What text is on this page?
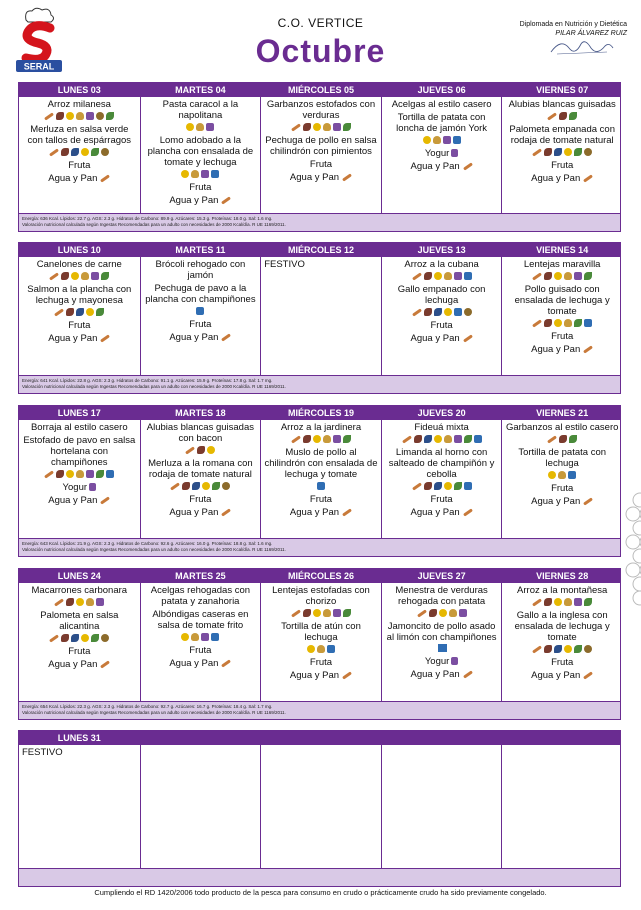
SERAL
C.O. VERTICE
Octubre
Diplomada en Nutrición y Dietética
PILAR ÁLVAREZ RUIZ
LUNES 03
Arroz milanesa
Merluza en salsa verde con tallos de espárragos
Fruta
Agua y Pan
MARTES 04
Pasta caracol a la napolitana
Lomo adobado a la plancha con ensalada de tomate y lechuga
Fruta
Agua y Pan
MIÉRCOLES 05
Garbanzos estofados con verduras
Pechuga de pollo en salsa chilindrón con pimientos
Fruta
Agua y Pan
JUEVES 06
Acelgas al estilo casero
Tortilla de patata con loncha de jamón York
Yogur
Agua y Pan
VIERNES 07
Alubias blancas guisadas
Palometa empanada con rodaja de tomate natural
Fruta
Agua y Pan
Energía: 636 Kcal. Lípidos: 22.7 g. AGS: 2.3 g. Hidratos de Carbono: 89.9 g. Azúcares: 15.3 g. Proteínas: 18.0 g. Sal: 1.6 mg.
Valoración nutricional calculada según Ingestas Recomendadas para un adulto con necesidades de 2000 Kcal/día. R UE 1169/2011.
LUNES 10
Canelones de carne
Salmon a la plancha con lechuga y mayonesa
Fruta
Agua y Pan
MARTES 11
Brócoli rehogado con jamón
Pechuga de pavo a la plancha con champiñones
Fruta
Agua y Pan
MIÉRCOLES 12
FESTIVO
JUEVES 13
Arroz a la cubana
Gallo empanado con lechuga
Fruta
Agua y Pan
VIERNES 14
Lentejas maravilla
Pollo guisado con ensalada de lechuga y tomate
Fruta
Agua y Pan
Energía: 641 Kcal. Lípidos: 22.8 g. AGS: 2.3 g. Hidratos de Carbono: 91.1 g. Azúcares: 15.9 g. Proteínas: 17.8 g. Sal: 1.7 mg.
Valoración nutricional calculada según Ingestas Recomendadas para un adulto con necesidades de 2000 Kcal/día. R UE 1169/2011.
LUNES 17
Borraja al estilo casero
Estofado de pavo en salsa hortelana con champiñones
Yogur
Agua y Pan
MARTES 18
Alubias blancas guisadas con bacon
Merluza a la romana con rodaja de tomate natural
Fruta
Agua y Pan
MIÉRCOLES 19
Arroz a la jardinera
Muslo de pollo al chilindrón con ensalada de lechuga y tomate
Fruta
Agua y Pan
JUEVES 20
Fideuá mixta
Limanda al horno con salteado de champiñón y cebolla
Fruta
Agua y Pan
VIERNES 21
Garbanzos al estilo casero
Tortilla de patata con lechuga
Fruta
Agua y Pan
Energía: 643 Kcal. Lípidos: 21.9 g. AGS: 2.3 g. Hidratos de Carbono: 92.6 g. Azúcares: 16.0 g. Proteínas: 18.8 g. Sal: 1.6 mg.
Valoración nutricional calculada según Ingestas Recomendadas para un adulto con necesidades de 2000 Kcal/día. R UE 1169/2011.
LUNES 24
Macarrones carbonara
Palometa en salsa alicantina
Fruta
Agua y Pan
MARTES 25
Acelgas rehogadas con patata y zanahoria
Albóndigas caseras en salsa de tomate frito
Fruta
Agua y Pan
MIÉRCOLES 26
Lentejas estofadas con chorizo
Tortilla de atún con lechuga
Fruta
Agua y Pan
JUEVES 27
Menestra de verduras rehogada con patata
Jamoncito de pollo asado al limón con champiñones
Yogur
Agua y Pan
VIERNES 28
Arroz a la montañesa
Gallo a la inglesa con ensalada de lechuga y tomate
Fruta
Agua y Pan
Energía: 654 Kcal. Lípidos: 22.3 g. AGS: 2.3 g. Hidratos de Carbono: 92.7 g. Azúcares: 16.7 g. Proteínas: 18.4 g. Sal: 1.7 mg.
Valoración nutricional calculada según Ingestas Recomendadas para un adulto con necesidades de 2000 Kcal/día. R UE 1169/2011.
LUNES 31
FESTIVO
Cumpliendo el RD 1420/2006 todo producto de la pesca para consumo en crudo o prácticamente crudo ha sido previamente congelado.
